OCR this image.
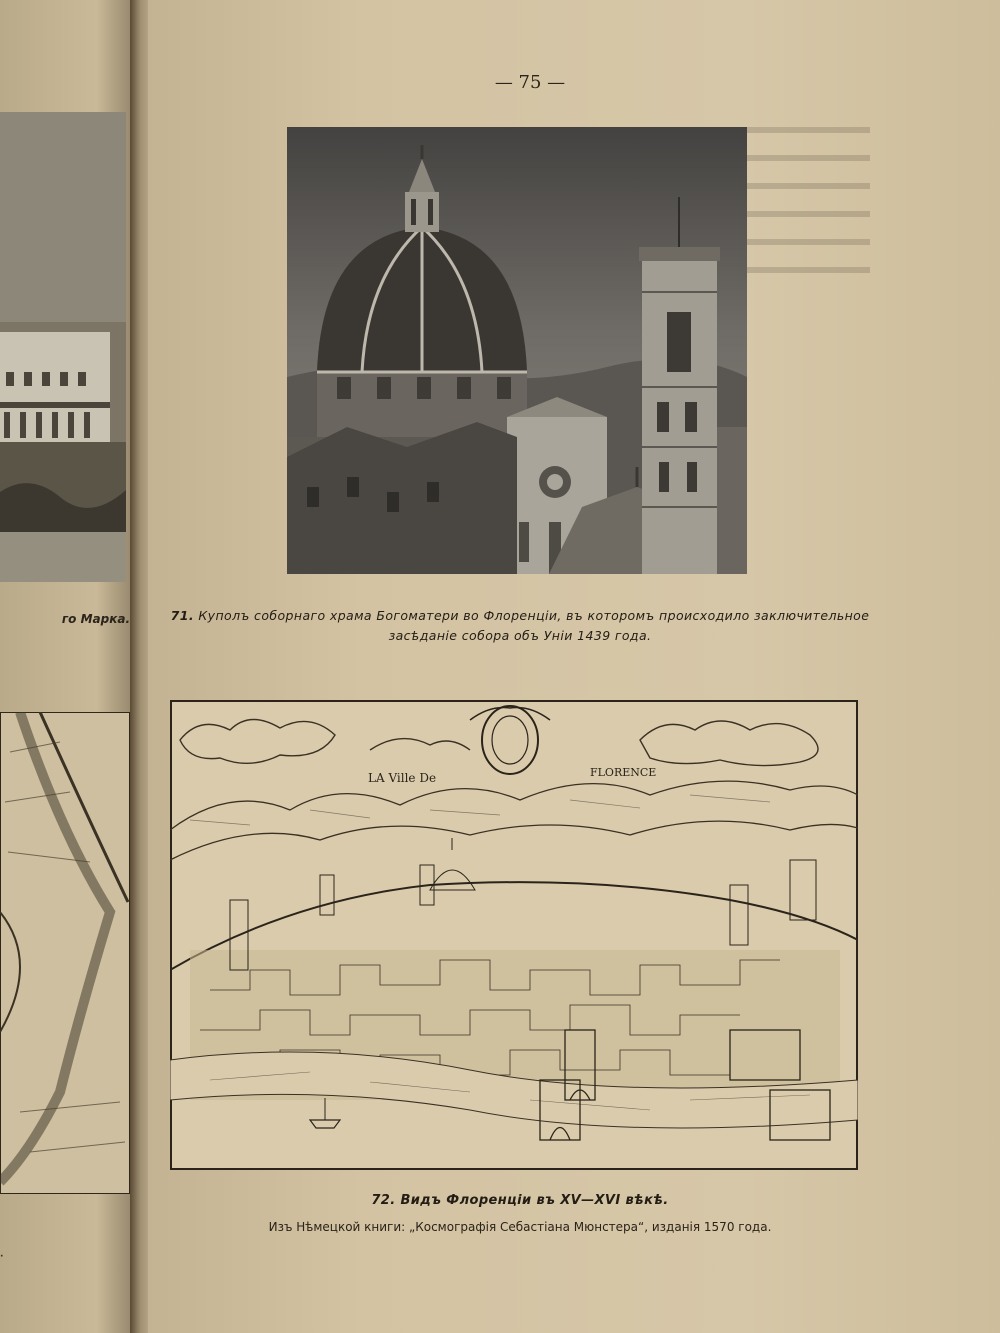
го Марка.
·
— 75 —
71. Куполъ соборнаго храма Богоматери во Флоренціи, въ которомъ происходило заключительное
засѣданіе собора объ Уніи 1439 года.
LA Ville De	FLORENCE
72. Видъ Флоренціи въ XV—XVI вѣкѣ.
Изъ Нѣмецкой книги: „Космографія Себастіана Мюнстера“, изданія 1570 года.
